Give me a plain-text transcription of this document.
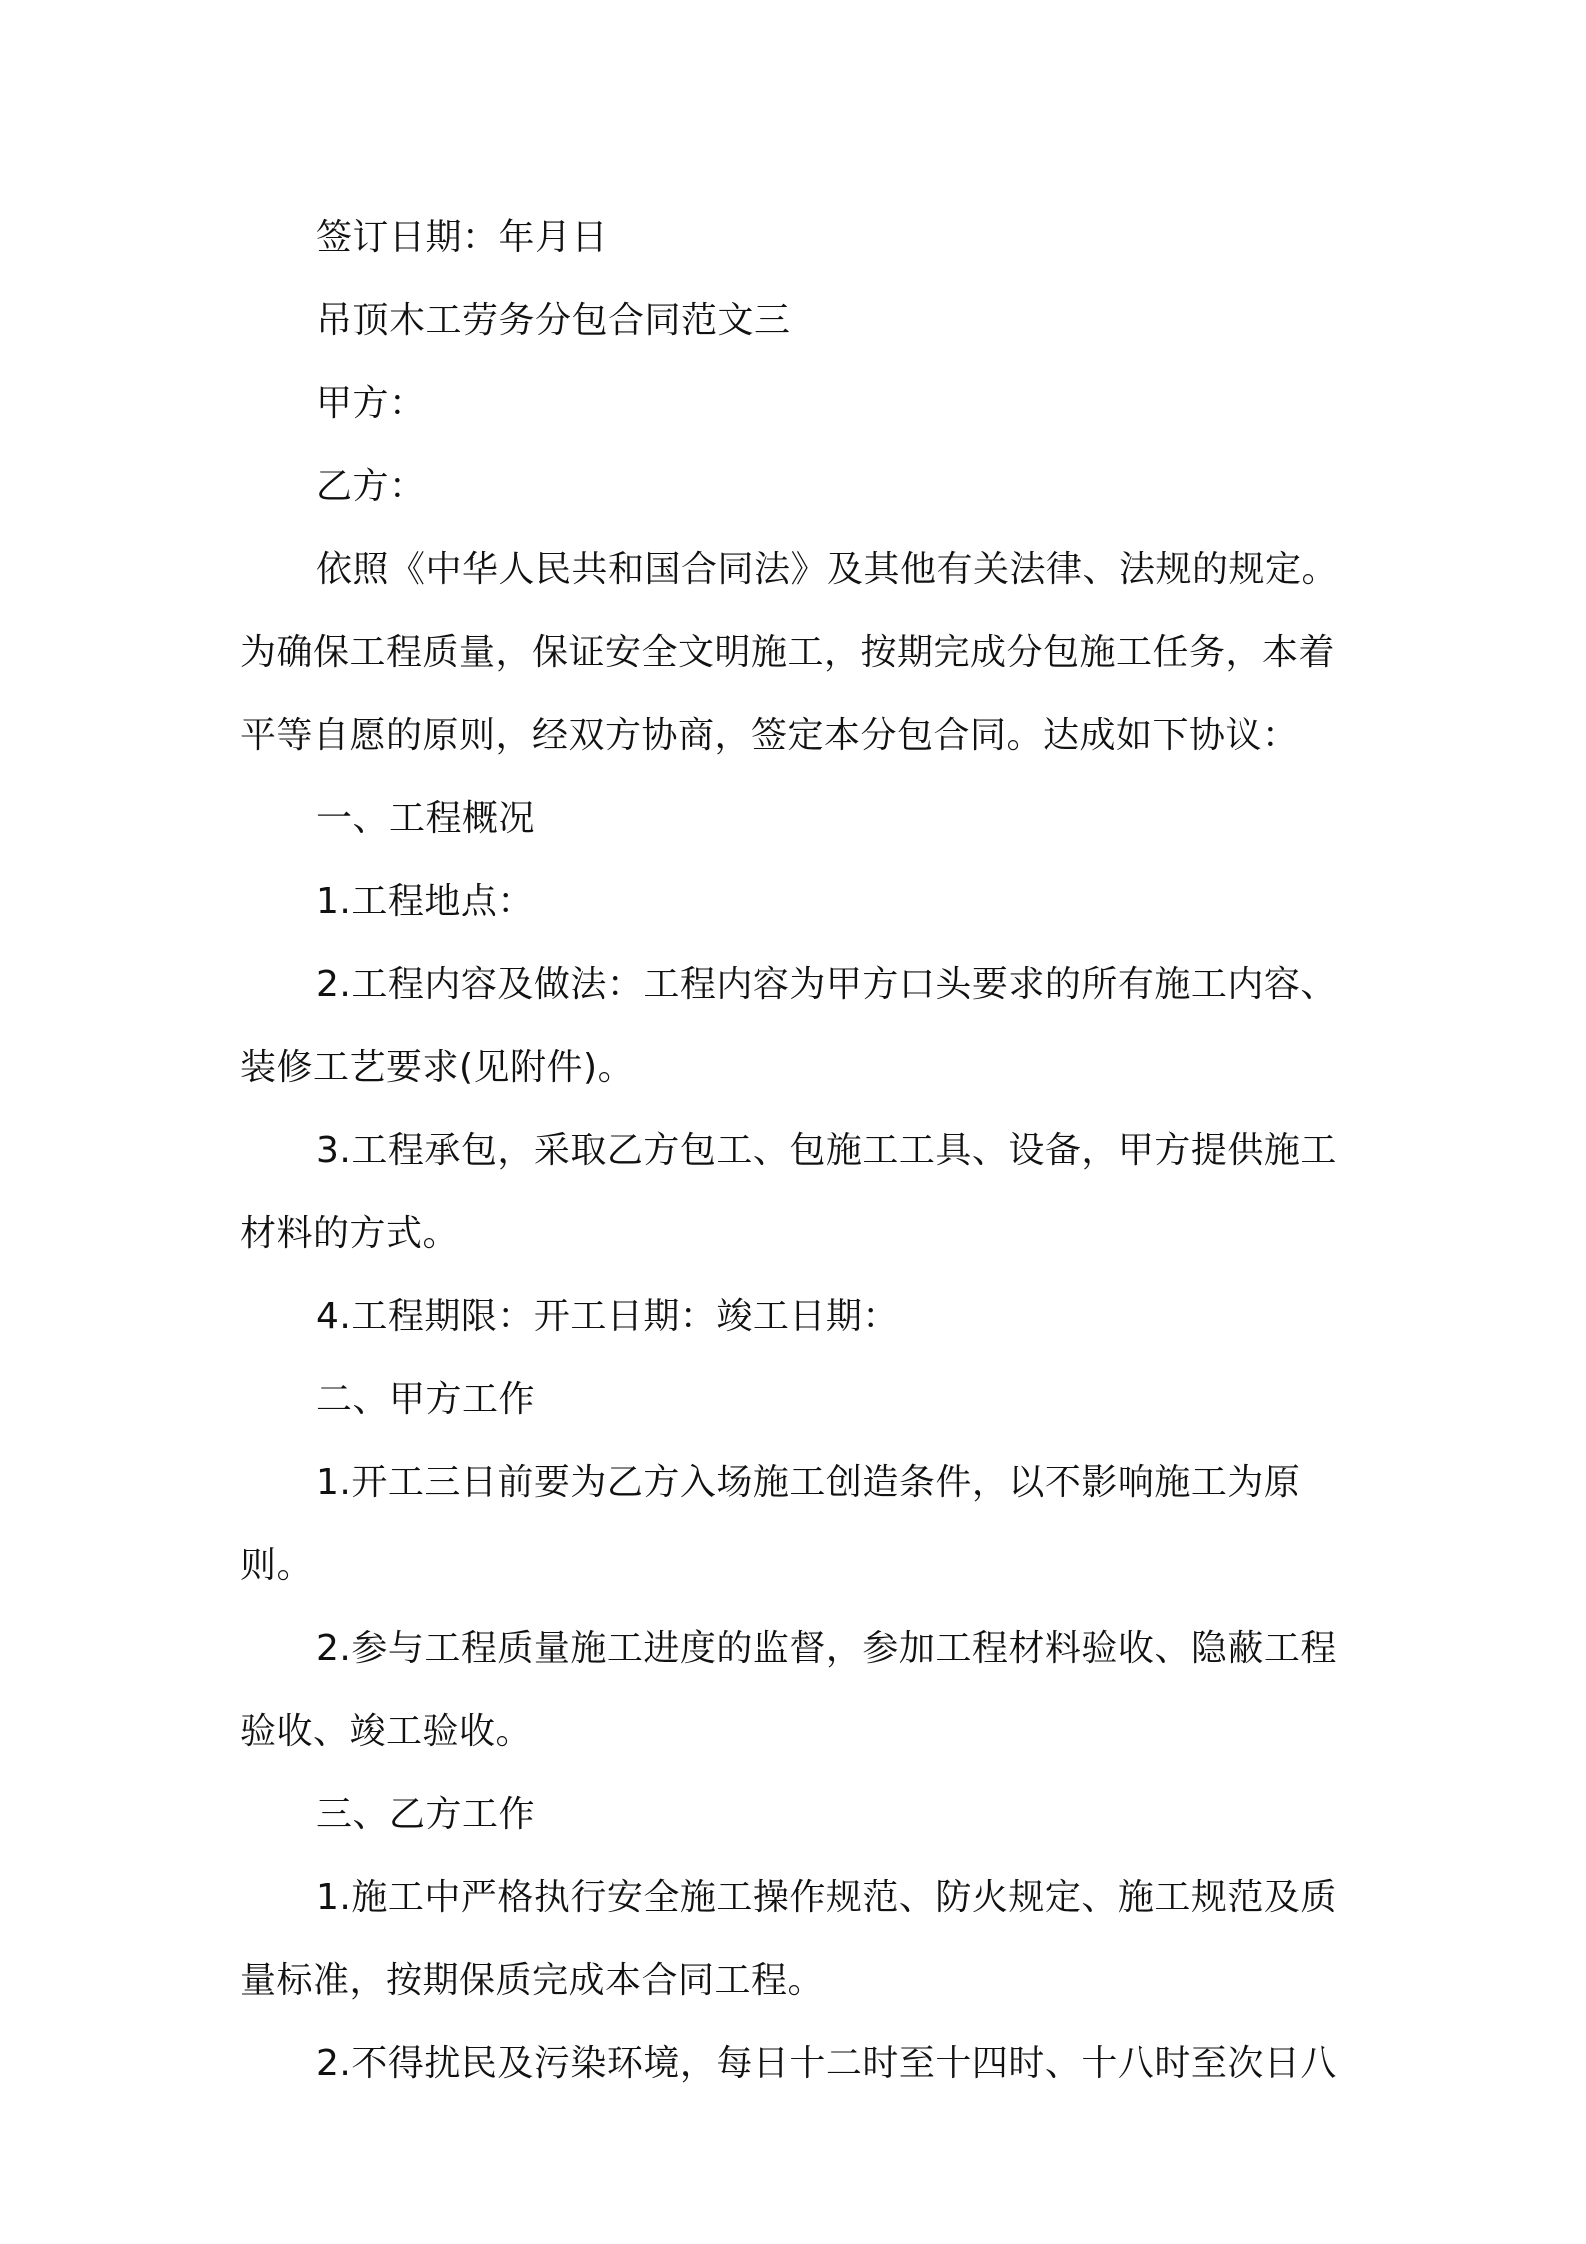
签订日期：年月日

吊顶木工劳务分包合同范文三

甲方：

乙方：

依照《中华人民共和国合同法》及其他有关法律、法规的规定。为确保工程质量，保证安全文明施工，按期完成分包施工任务，本着平等自愿的原则，经双方协商，签定本分包合同。达成如下协议：

一、工程概况

1.工程地点：

2.工程内容及做法：工程内容为甲方口头要求的所有施工内容、装修工艺要求(见附件)。

3.工程承包，采取乙方包工、包施工工具、设备，甲方提供施工材料的方式。

4.工程期限：开工日期：竣工日期：

二、甲方工作

1.开工三日前要为乙方入场施工创造条件，以不影响施工为原则。

2.参与工程质量施工进度的监督，参加工程材料验收、隐蔽工程验收、竣工验收。

三、乙方工作

1.施工中严格执行安全施工操作规范、防火规定、施工规范及质量标准，按期保质完成本合同工程。

2.不得扰民及污染环境，每日十二时至十四时、十八时至次日八
